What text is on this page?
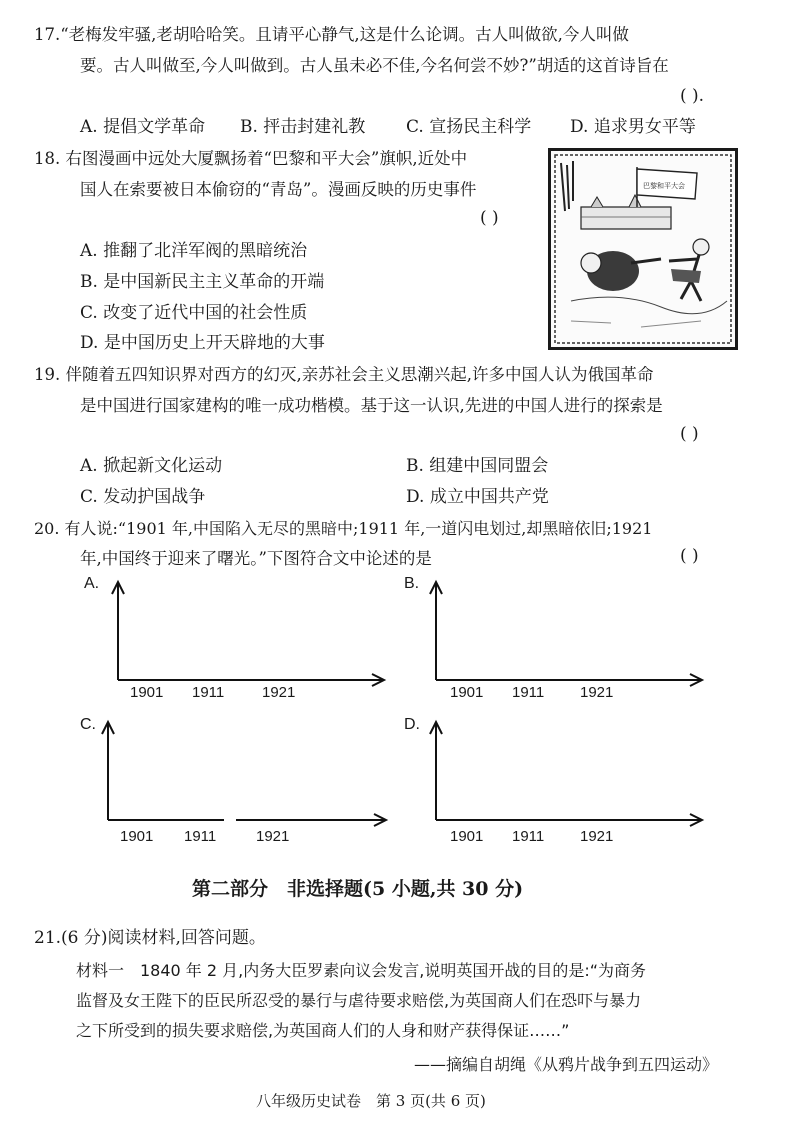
17.“老梅发牢骚,老胡哈哈笑。且请平心静气,这是什么论调。古人叫做欲,今人叫做
要。古人叫做至,今人叫做到。古人虽未必不佳,今名何尝不妙?”胡适的这首诗旨在
( ).
A. 提倡文学革命 B. 抨击封建礼教 C. 宣扬民主科学 D. 追求男女平等
18. 右图漫画中远处大厦飘扬着“巴黎和平大会”旗帜,近处中
国人在索要被日本偷窃的“青岛”。漫画反映的历史事件
( )
A. 推翻了北洋军阀的黑暗统治
B. 是中国新民主主义革命的开端
C. 改变了近代中国的社会性质
D. 是中国历史上开天辟地的大事
巴黎和平大会
19. 伴随着五四知识界对西方的幻灭,亲苏社会主义思潮兴起,许多中国人认为俄国革命
是中国进行国家建构的唯一成功楷模。基于这一认识,先进的中国人进行的探索是
( )
A. 掀起新文化运动	B. 组建中国同盟会
C. 发动护国战争	D. 成立中国共产党
20. 有人说:“1901 年,中国陷入无尽的黑暗中;1911 年,一道闪电划过,却黑暗依旧;1921
年,中国终于迎来了曙光。”下图符合文中论述的是	( )
A.
1901 1911	1921
B.
1901 1911 1921
C.
1901 1911	1921
D.
1901 1911 1921
第二部分　非选择题(5 小题,共 30 分)
21.(6 分)阅读材料,回答问题。
材料一　1840 年 2 月,内务大臣罗素向议会发言,说明英国开战的目的是:“为商务
监督及女王陛下的臣民所忍受的暴行与虐待要求赔偿,为英国商人们在恐吓与暴力
之下所受到的损失要求赔偿,为英国商人们的人身和财产获得保证……”
——摘编自胡绳《从鸦片战争到五四运动》
八年级历史试卷　第 3 页(共 6 页)
